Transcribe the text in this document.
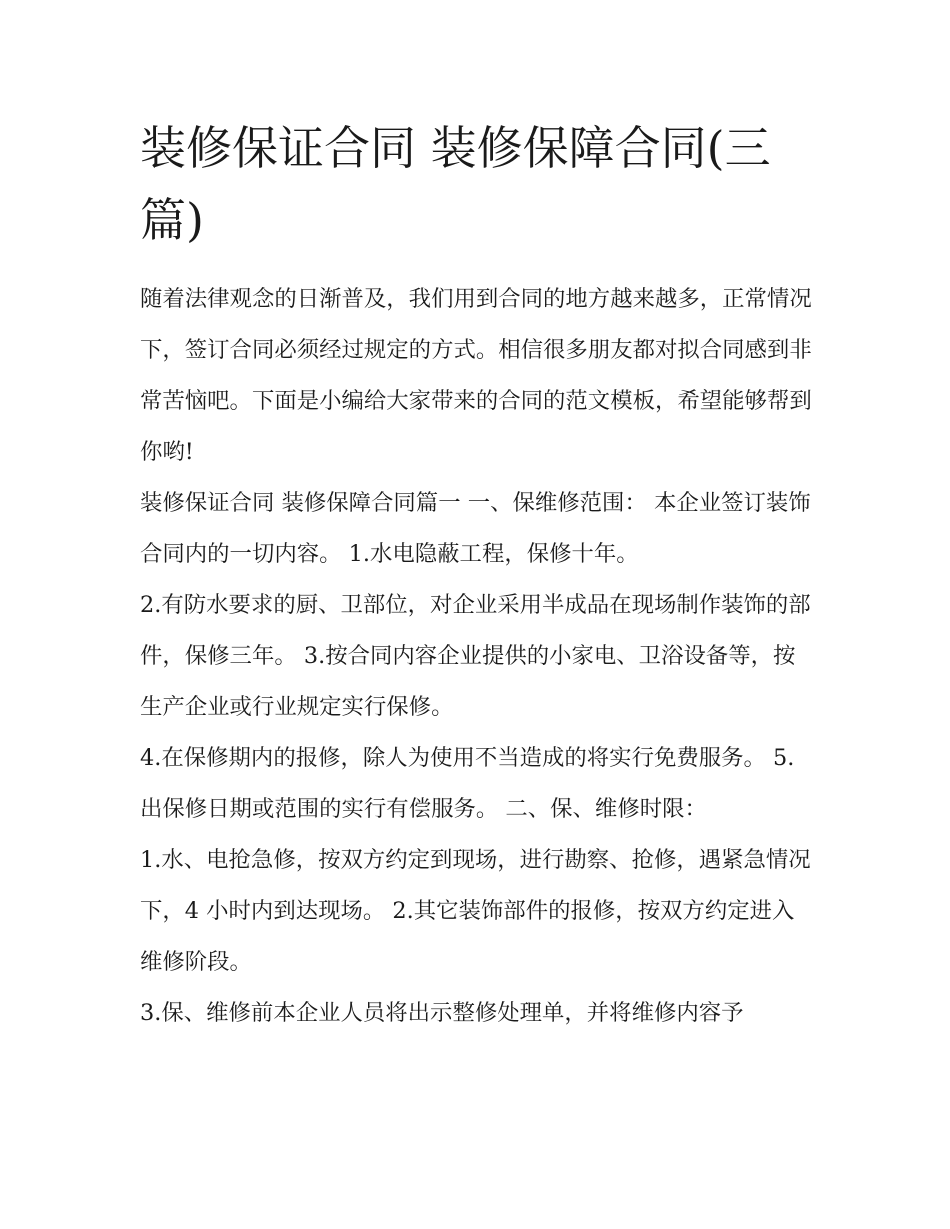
装修保证合同 装修保障合同(三篇)

随着法律观念的日渐普及，我们用到合同的地方越来越多，正常情况下，签订合同必须经过规定的方式。相信很多朋友都对拟合同感到非常苦恼吧。下面是小编给大家带来的合同的范文模板，希望能够帮到你哟!

装修保证合同 装修保障合同篇一 一、保维修范围： 本企业签订装饰合同内的一切内容。 1.水电隐蔽工程，保修十年。

2.有防水要求的厨、卫部位，对企业采用半成品在现场制作装饰的部件，保修三年。 3.按合同内容企业提供的小家电、卫浴设备等，按生产企业或行业规定实行保修。

4.在保修期内的报修，除人为使用不当造成的将实行免费服务。 5.出保修日期或范围的实行有偿服务。 二、保、维修时限：

1.水、电抢急修，按双方约定到现场，进行勘察、抢修，遇紧急情况下，4 小时内到达现场。 2.其它装饰部件的报修，按双方约定进入维修阶段。

3.保、维修前本企业人员将出示整修处理单，并将维修内容予
